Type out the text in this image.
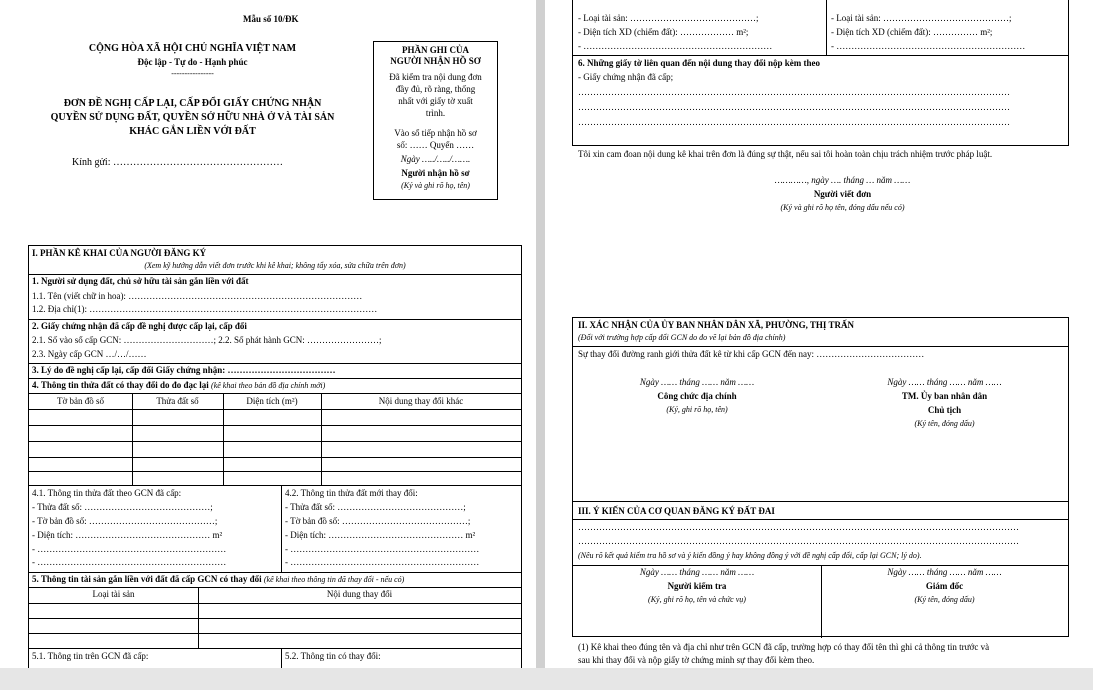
Mẫu số 10/ĐK
CỘNG HÒA XÃ HỘI CHỦ NGHĨA VIỆT NAM
Độc lập - Tự do - Hạnh phúc
----------------
ĐƠN ĐỀ NGHỊ CẤP LẠI, CẤP ĐỔI GIẤY CHỨNG NHẬN
QUYỀN SỬ DỤNG ĐẤT, QUYỀN SỞ HỮU NHÀ Ở VÀ TÀI SẢN
KHÁC GẮN LIỀN VỚI ĐẤT
Kính gửi: ……………………………………………
PHẦN GHI CỦA
NGƯỜI NHẬN HỒ SƠ
Đã kiểm tra nội dung đơn
đầy đủ, rõ ràng, thống
nhất với giấy tờ xuất
trình.
Vào sổ tiếp nhận hồ sơ
số: …… Quyển ……
Ngày …../…../…….
Người nhận hồ sơ
(Ký và ghi rõ họ, tên)
I. PHẦN KÊ KHAI CỦA NGƯỜI ĐĂNG KÝ
(Xem kỹ hướng dẫn viết đơn trước khi kê khai; không tẩy xóa, sửa chữa trên đơn)
1. Người sử dụng đất, chủ sở hữu tài sản gắn liền với đất
1.1. Tên (viết chữ in hoa): ……………………………………………………………………
1.2. Địa chỉ(1): ……………………………………………………………………………………
2. Giấy chứng nhận đã cấp đề nghị được cấp lại, cấp đổi
2.1. Số vào sổ cấp GCN: …………………………; 2.2. Số phát hành GCN: ……………………;
2.3. Ngày cấp GCN …/…/……
3. Lý do đề nghị cấp lại, cấp đổi Giấy chứng nhận: ………………………………
4. Thông tin thửa đất có thay đổi do đo đạc lại (kê khai theo bản đồ địa chính mới)
Tờ bản đồ số	Thửa đất số	Diện tích (m²)	Nội dung thay đổi khác
4.1. Thông tin thửa đất theo GCN đã cấp:
- Thửa đất số: ……………………………………;
- Tờ bản đồ số: ……………………………………;
- Diện tích: ……………………………………… m²
- ………………………………………………………
- ………………………………………………………
4.2. Thông tin thửa đất mới thay đổi:
- Thửa đất số: ……………………………………;
- Tờ bản đồ số: ……………………………………;
- Diện tích: ……………………………………… m²
- ………………………………………………………
- ………………………………………………………
5. Thông tin tài sản gắn liền với đất đã cấp GCN có thay đổi (kê khai theo thông tin đã thay đổi - nếu có)
Loại tài sản	Nội dung thay đổi
5.1. Thông tin trên GCN đã cấp:	5.2. Thông tin có thay đổi:
- Loại tài sản: ……………………………………;
- Diện tích XD (chiếm đất): ……………… m²;
- ………………………………………………………
- Loại tài sản: ……………………………………;
- Diện tích XD (chiếm đất): …………… m²;
- ………………………………………………………
6. Những giấy tờ liên quan đến nội dung thay đổi nộp kèm theo
- Giấy chứng nhận đã cấp;
………………………………………………………………………………………………………………………………
………………………………………………………………………………………………………………………………
………………………………………………………………………………………………………………………………
Tôi xin cam đoan nội dung kê khai trên đơn là đúng sự thật, nếu sai tôi hoàn toàn chịu trách nhiệm trước pháp luật.
…………, ngày …. tháng … năm ……
Người viết đơn
(Ký và ghi rõ họ tên, đóng dấu nếu có)
II. XÁC NHẬN CỦA ỦY BAN NHÂN DÂN XÃ, PHƯỜNG, THỊ TRẤN
(Đối với trường hợp cấp đổi GCN do đo vẽ lại bản đồ địa chính)
Sự thay đổi đường ranh giới thửa đất kê từ khi cấp GCN đến nay: ………………………………
Ngày …… tháng …… năm ……
Công chức địa chính
(Ký, ghi rõ họ, tên)
Ngày …… tháng …… năm ……
TM. Ủy ban nhân dân
Chủ tịch
(Ký tên, đóng dấu)
III. Ý KIẾN CỦA CƠ QUAN ĐĂNG KÝ ĐẤT ĐAI
…………………………………………………………………………………………………………………………………
…………………………………………………………………………………………………………………………………
(Nêu rõ kết quả kiểm tra hồ sơ và ý kiến đồng ý hay không đồng ý với đề nghị cấp đổi, cấp lại GCN; lý do).
Ngày …… tháng …… năm ……
Người kiểm tra
(Ký, ghi rõ họ, tên và chức vụ)
Ngày …… tháng …… năm ……
Giám đốc
(Ký tên, đóng dấu)
(1) Kê khai theo đúng tên và địa chỉ như trên GCN đã cấp, trường hợp có thay đổi tên thì ghi cả thông tin trước và
sau khi thay đổi và nộp giấy tờ chứng minh sự thay đổi kèm theo.
